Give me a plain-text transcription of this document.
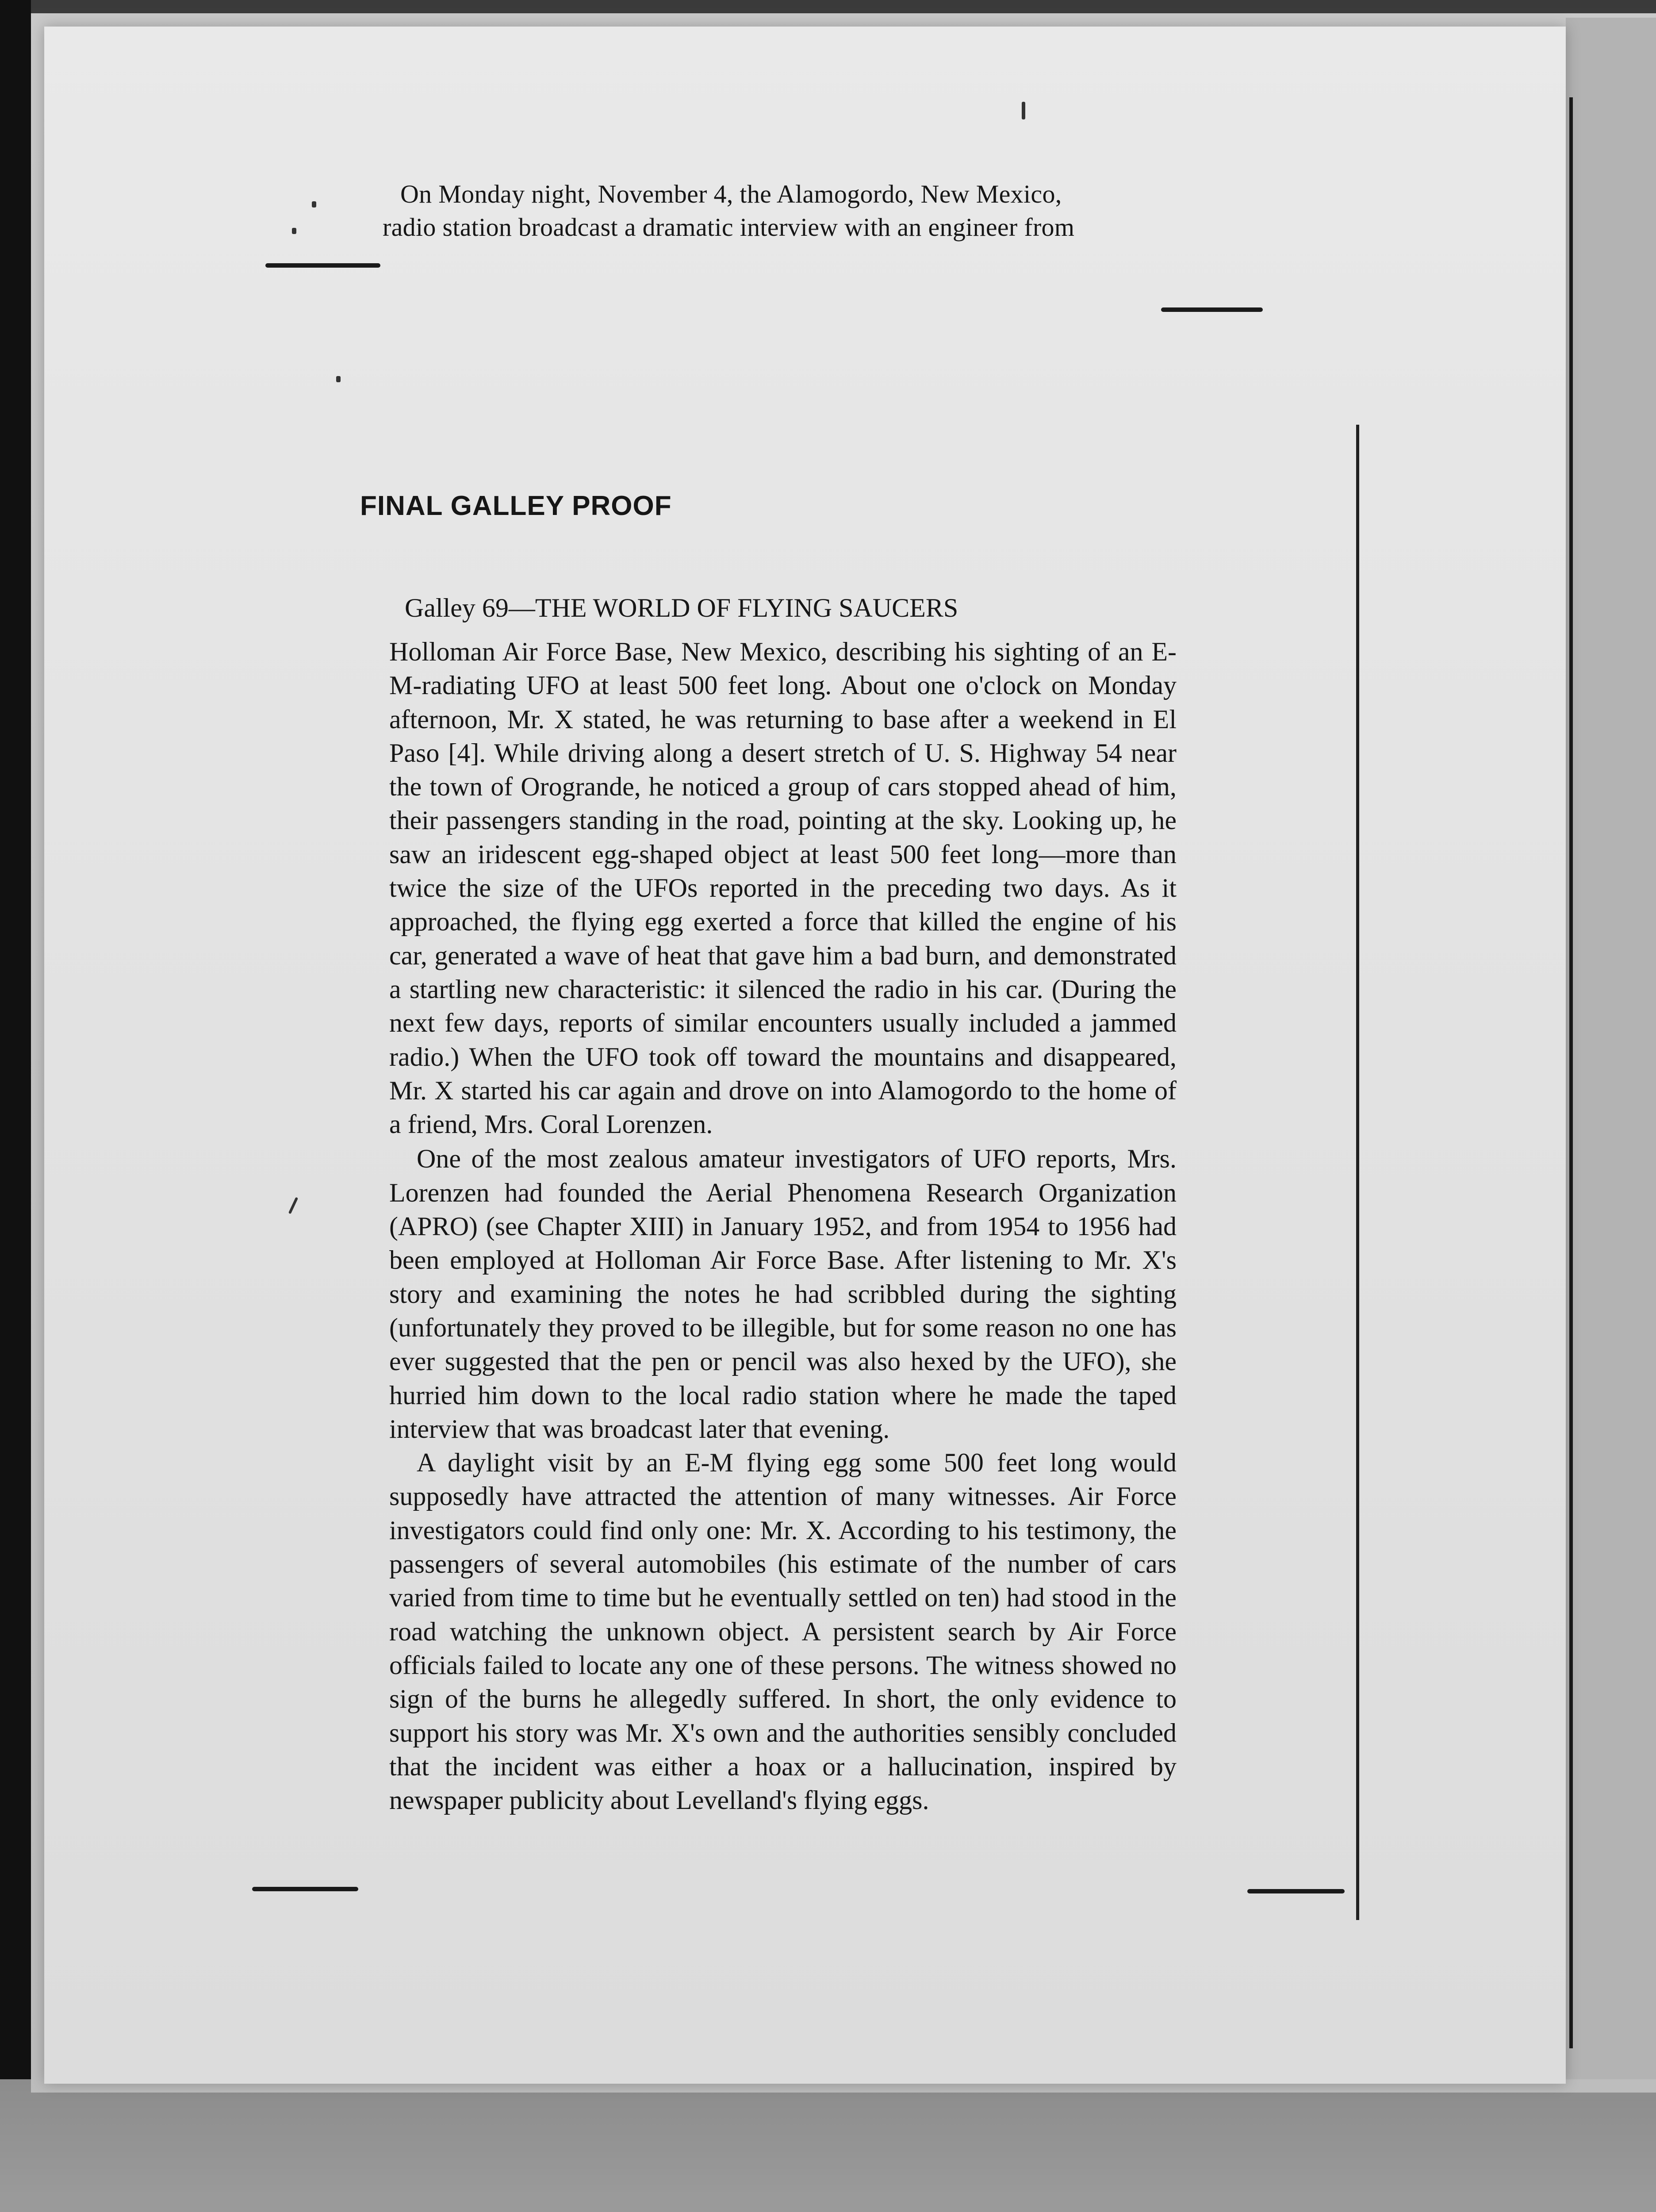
On Monday night, November 4, the Alamogordo, New Mexico,
radio station broadcast a dramatic interview with an engineer from
FINAL GALLEY PROOF
Galley 69—THE WORLD OF FLYING SAUCERS

Holloman Air Force Base, New Mexico, describing his sighting of an E-M-radiating UFO at least 500 feet long. About one o'clock on Monday afternoon, Mr. X stated, he was returning to base after a weekend in El Paso [4]. While driving along a desert stretch of U. S. Highway 54 near the town of Orogrande, he noticed a group of cars stopped ahead of him, their passengers standing in the road, pointing at the sky. Looking up, he saw an iridescent egg-shaped object at least 500 feet long—more than twice the size of the UFOs reported in the preceding two days. As it approached, the flying egg exerted a force that killed the engine of his car, generated a wave of heat that gave him a bad burn, and demonstrated a startling new characteristic: it silenced the radio in his car. (During the next few days, reports of similar encounters usually included a jammed radio.) When the UFO took off toward the mountains and disappeared, Mr. X started his car again and drove on into Alamogordo to the home of a friend, Mrs. Coral Lorenzen.

One of the most zealous amateur investigators of UFO reports, Mrs. Lorenzen had founded the Aerial Phenomena Research Organization (APRO) (see Chapter XIII) in January 1952, and from 1954 to 1956 had been employed at Holloman Air Force Base. After listening to Mr. X's story and examining the notes he had scribbled during the sighting (unfortunately they proved to be illegible, but for some reason no one has ever suggested that the pen or pencil was also hexed by the UFO), she hurried him down to the local radio station where he made the taped interview that was broadcast later that evening.

A daylight visit by an E-M flying egg some 500 feet long would supposedly have attracted the attention of many witnesses. Air Force investigators could find only one: Mr. X. According to his testimony, the passengers of several automobiles (his estimate of the number of cars varied from time to time but he eventually settled on ten) had stood in the road watching the unknown object. A persistent search by Air Force officials failed to locate any one of these persons. The witness showed no sign of the burns he allegedly suffered. In short, the only evidence to support his story was Mr. X's own and the authorities sensibly concluded that the incident was either a hoax or a hallucination, inspired by newspaper publicity about Levelland's flying eggs.
